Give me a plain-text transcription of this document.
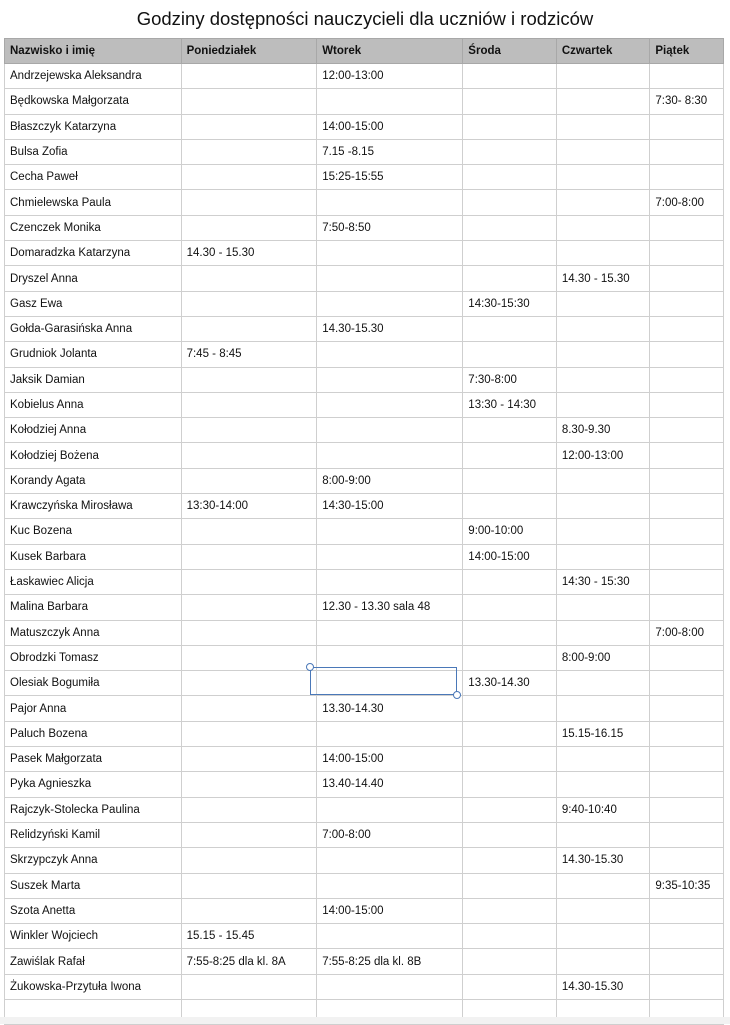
Godziny dostępności nauczycieli dla uczniów i rodziców
Nazwisko i imię	Poniedziałek	Wtorek	Środa	Czwartek	Piątek
Andrzejewska Aleksandra		12:00-13:00			
Będkowska Małgorzata					7:30- 8:30
Błaszczyk Katarzyna		14:00-15:00			
Bulsa Zofia		7.15 -8.15			
Cecha Paweł		15:25-15:55			
Chmielewska Paula					7:00-8:00
Czenczek Monika		7:50-8:50			
Domaradzka Katarzyna	14.30 - 15.30				
Dryszel Anna				14.30 - 15.30	
Gasz Ewa			14:30-15:30		
Gołda-Garasińska Anna		14.30-15.30			
Grudniok Jolanta	7:45 - 8:45				
Jaksik Damian			7:30-8:00		
Kobielus Anna			13:30 - 14:30		
Kołodziej Anna				8.30-9.30	
Kołodziej Bożena				12:00-13:00	
Korandy Agata		8:00-9:00			
Krawczyńska Mirosława	13:30-14:00	14:30-15:00			
Kuc Bozena			9:00-10:00		
Kusek Barbara			14:00-15:00		
Łaskawiec Alicja				14:30 - 15:30	
Malina Barbara		12.30 - 13.30 sala 48			
Matuszczyk Anna					7:00-8:00
Obrodzki Tomasz				8:00-9:00	
Olesiak Bogumiła			13.30-14.30		
Pajor Anna		13.30-14.30			
Paluch Bozena				15.15-16.15	
Pasek Małgorzata		14:00-15:00			
Pyka Agnieszka		13.40-14.40			
Rajczyk-Stolecka Paulina				9:40-10:40	
Relidzyński Kamil		7:00-8:00			
Skrzypczyk Anna				14.30-15.30	
Suszek Marta					9:35-10:35
Szota Anetta		14:00-15:00			
Winkler Wojciech	15.15 - 15.45				
Zawiślak Rafał	7:55-8:25 dla kl. 8A	7:55-8:25 dla kl. 8B			
Żukowska-Przytuła Iwona				14.30-15.30	
